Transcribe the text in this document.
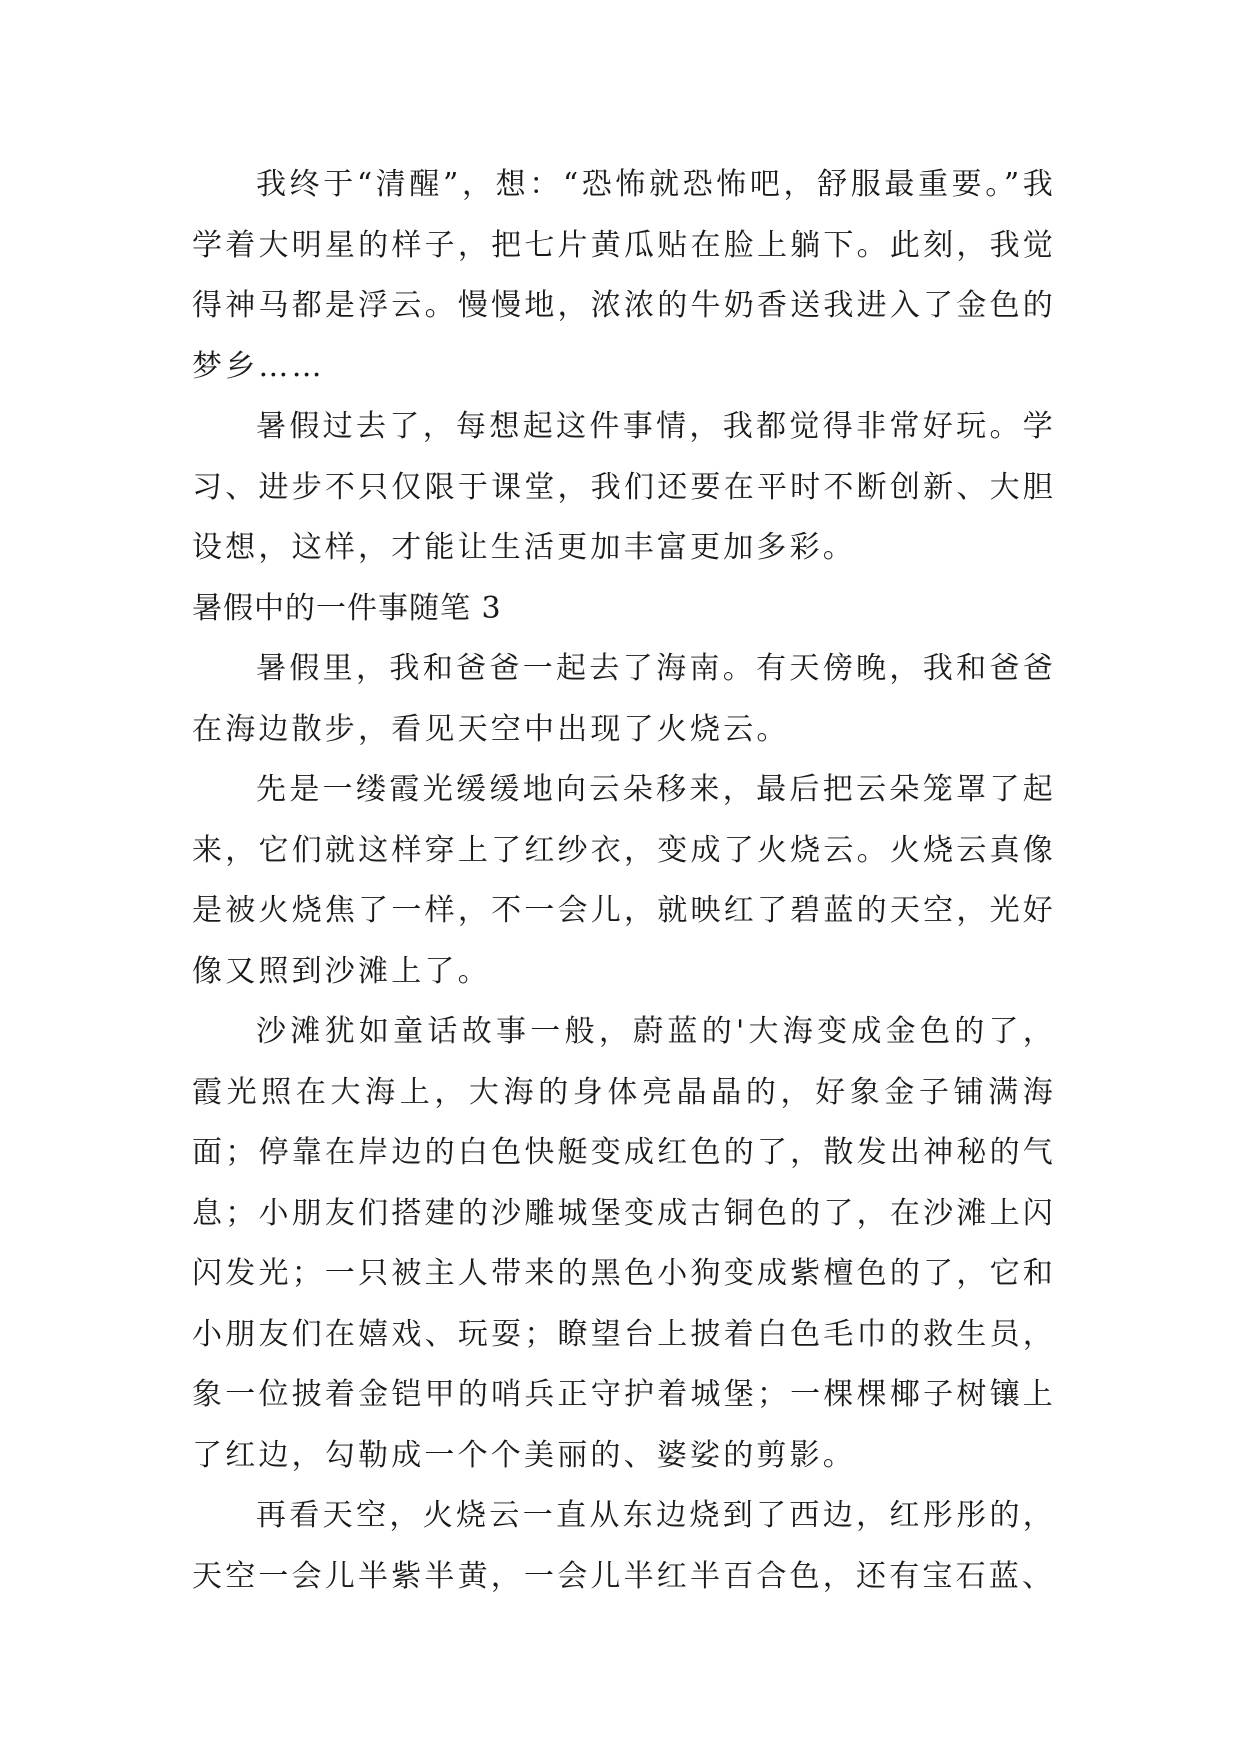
我终于“清醒”，想：“恐怖就恐怖吧，舒服最重要。”我学着大明星的样子，把七片黄瓜贴在脸上躺下。此刻，我觉得神马都是浮云。慢慢地，浓浓的牛奶香送我进入了金色的梦乡……

暑假过去了，每想起这件事情，我都觉得非常好玩。学习、进步不只仅限于课堂，我们还要在平时不断创新、大胆设想，这样，才能让生活更加丰富更加多彩。

暑假中的一件事随笔 3

暑假里，我和爸爸一起去了海南。有天傍晚，我和爸爸在海边散步，看见天空中出现了火烧云。

先是一缕霞光缓缓地向云朵移来，最后把云朵笼罩了起来，它们就这样穿上了红纱衣，变成了火烧云。火烧云真像是被火烧焦了一样，不一会儿，就映红了碧蓝的天空，光好像又照到沙滩上了。

沙滩犹如童话故事一般，蔚蓝的'大海变成金色的了，霞光照在大海上，大海的身体亮晶晶的，好象金子铺满海面；停靠在岸边的白色快艇变成红色的了，散发出神秘的气息；小朋友们搭建的沙雕城堡变成古铜色的了，在沙滩上闪闪发光；一只被主人带来的黑色小狗变成紫檀色的了，它和小朋友们在嬉戏、玩耍；瞭望台上披着白色毛巾的救生员，象一位披着金铠甲的哨兵正守护着城堡；一棵棵椰子树镶上了红边，勾勒成一个个美丽的、婆娑的剪影。

再看天空，火烧云一直从东边烧到了西边，红彤彤的，天空一会儿半紫半黄，一会儿半红半百合色，还有宝石蓝、
